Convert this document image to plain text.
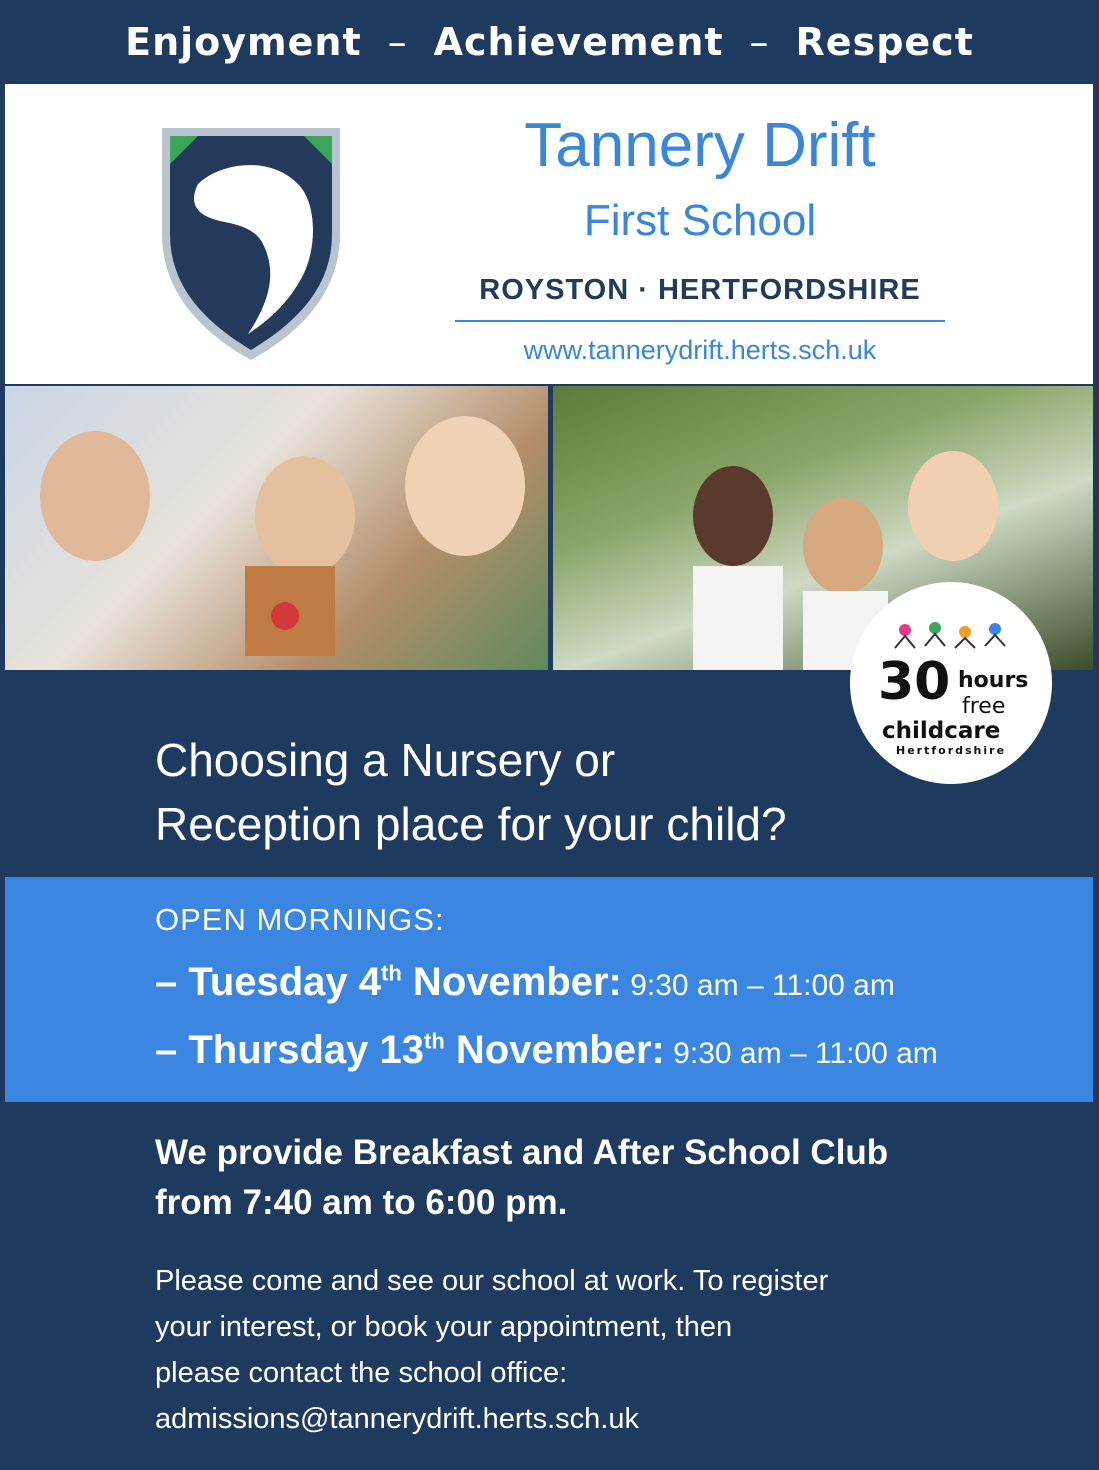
Enjoyment – Achievement – Respect
Tannery Drift
First School
ROYSTON · HERTFORDSHIRE
www.tannerydrift.herts.sch.uk
30 hours
free
childcare
Hertfordshire
Choosing a Nursery or
Reception place for your child?
OPEN MORNINGS:
– Tuesday 4th November: 9:30 am – 11:00 am
– Thursday 13th November: 9:30 am – 11:00 am
We provide Breakfast and After School Club
from 7:40 am to 6:00 pm.
Please come and see our school at work. To register
your interest, or book your appointment, then
please contact the school office:
admissions@tannerydrift.herts.sch.uk
